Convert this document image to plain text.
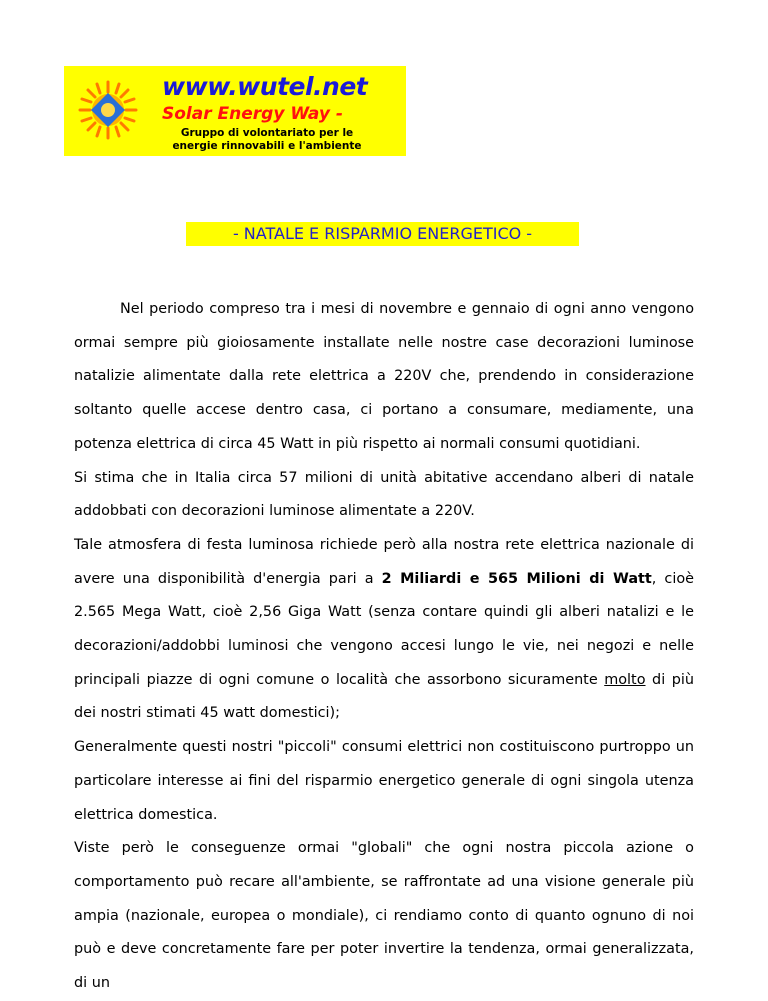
www.wutel.net
Solar Energy Way -
Gruppo di volontariato per le
energie rinnovabili e l'ambiente
- NATALE E RISPARMIO ENERGETICO -

Nel periodo compreso tra i mesi di novembre e gennaio di ogni anno vengono ormai sempre più gioiosamente installate nelle nostre case decorazioni luminose natalizie alimentate dalla rete elettrica a 220V che, prendendo in considerazione soltanto quelle accese dentro casa, ci portano a consumare, mediamente, una potenza elettrica di circa 45 Watt in più rispetto ai normali consumi quotidiani.

Si stima che in Italia circa 57 milioni di unità abitative accendano alberi di natale addobbati con decorazioni luminose alimentate a 220V.

Tale atmosfera di festa luminosa richiede però alla nostra rete elettrica nazionale di avere una disponibilità d'energia pari a 2 Miliardi e 565 Milioni di Watt, cioè 2.565 Mega Watt, cioè 2,56 Giga Watt (senza contare quindi gli alberi natalizi e le decorazioni/addobbi luminosi che vengono accesi lungo le vie, nei negozi e nelle principali piazze di ogni comune o località che assorbono sicuramente molto di più dei nostri stimati 45 watt domestici);

Generalmente questi nostri "piccoli" consumi elettrici non costituiscono purtroppo un particolare interesse ai fini del risparmio energetico generale di ogni singola utenza elettrica domestica.

Viste però le conseguenze ormai "globali" che ogni nostra piccola azione o comportamento può recare all'ambiente, se raffrontate ad una visione generale più ampia (nazionale, europea o mondiale), ci rendiamo conto di quanto ognuno di noi può e deve concretamente fare per poter invertire la tendenza, ormai generalizzata, di un
